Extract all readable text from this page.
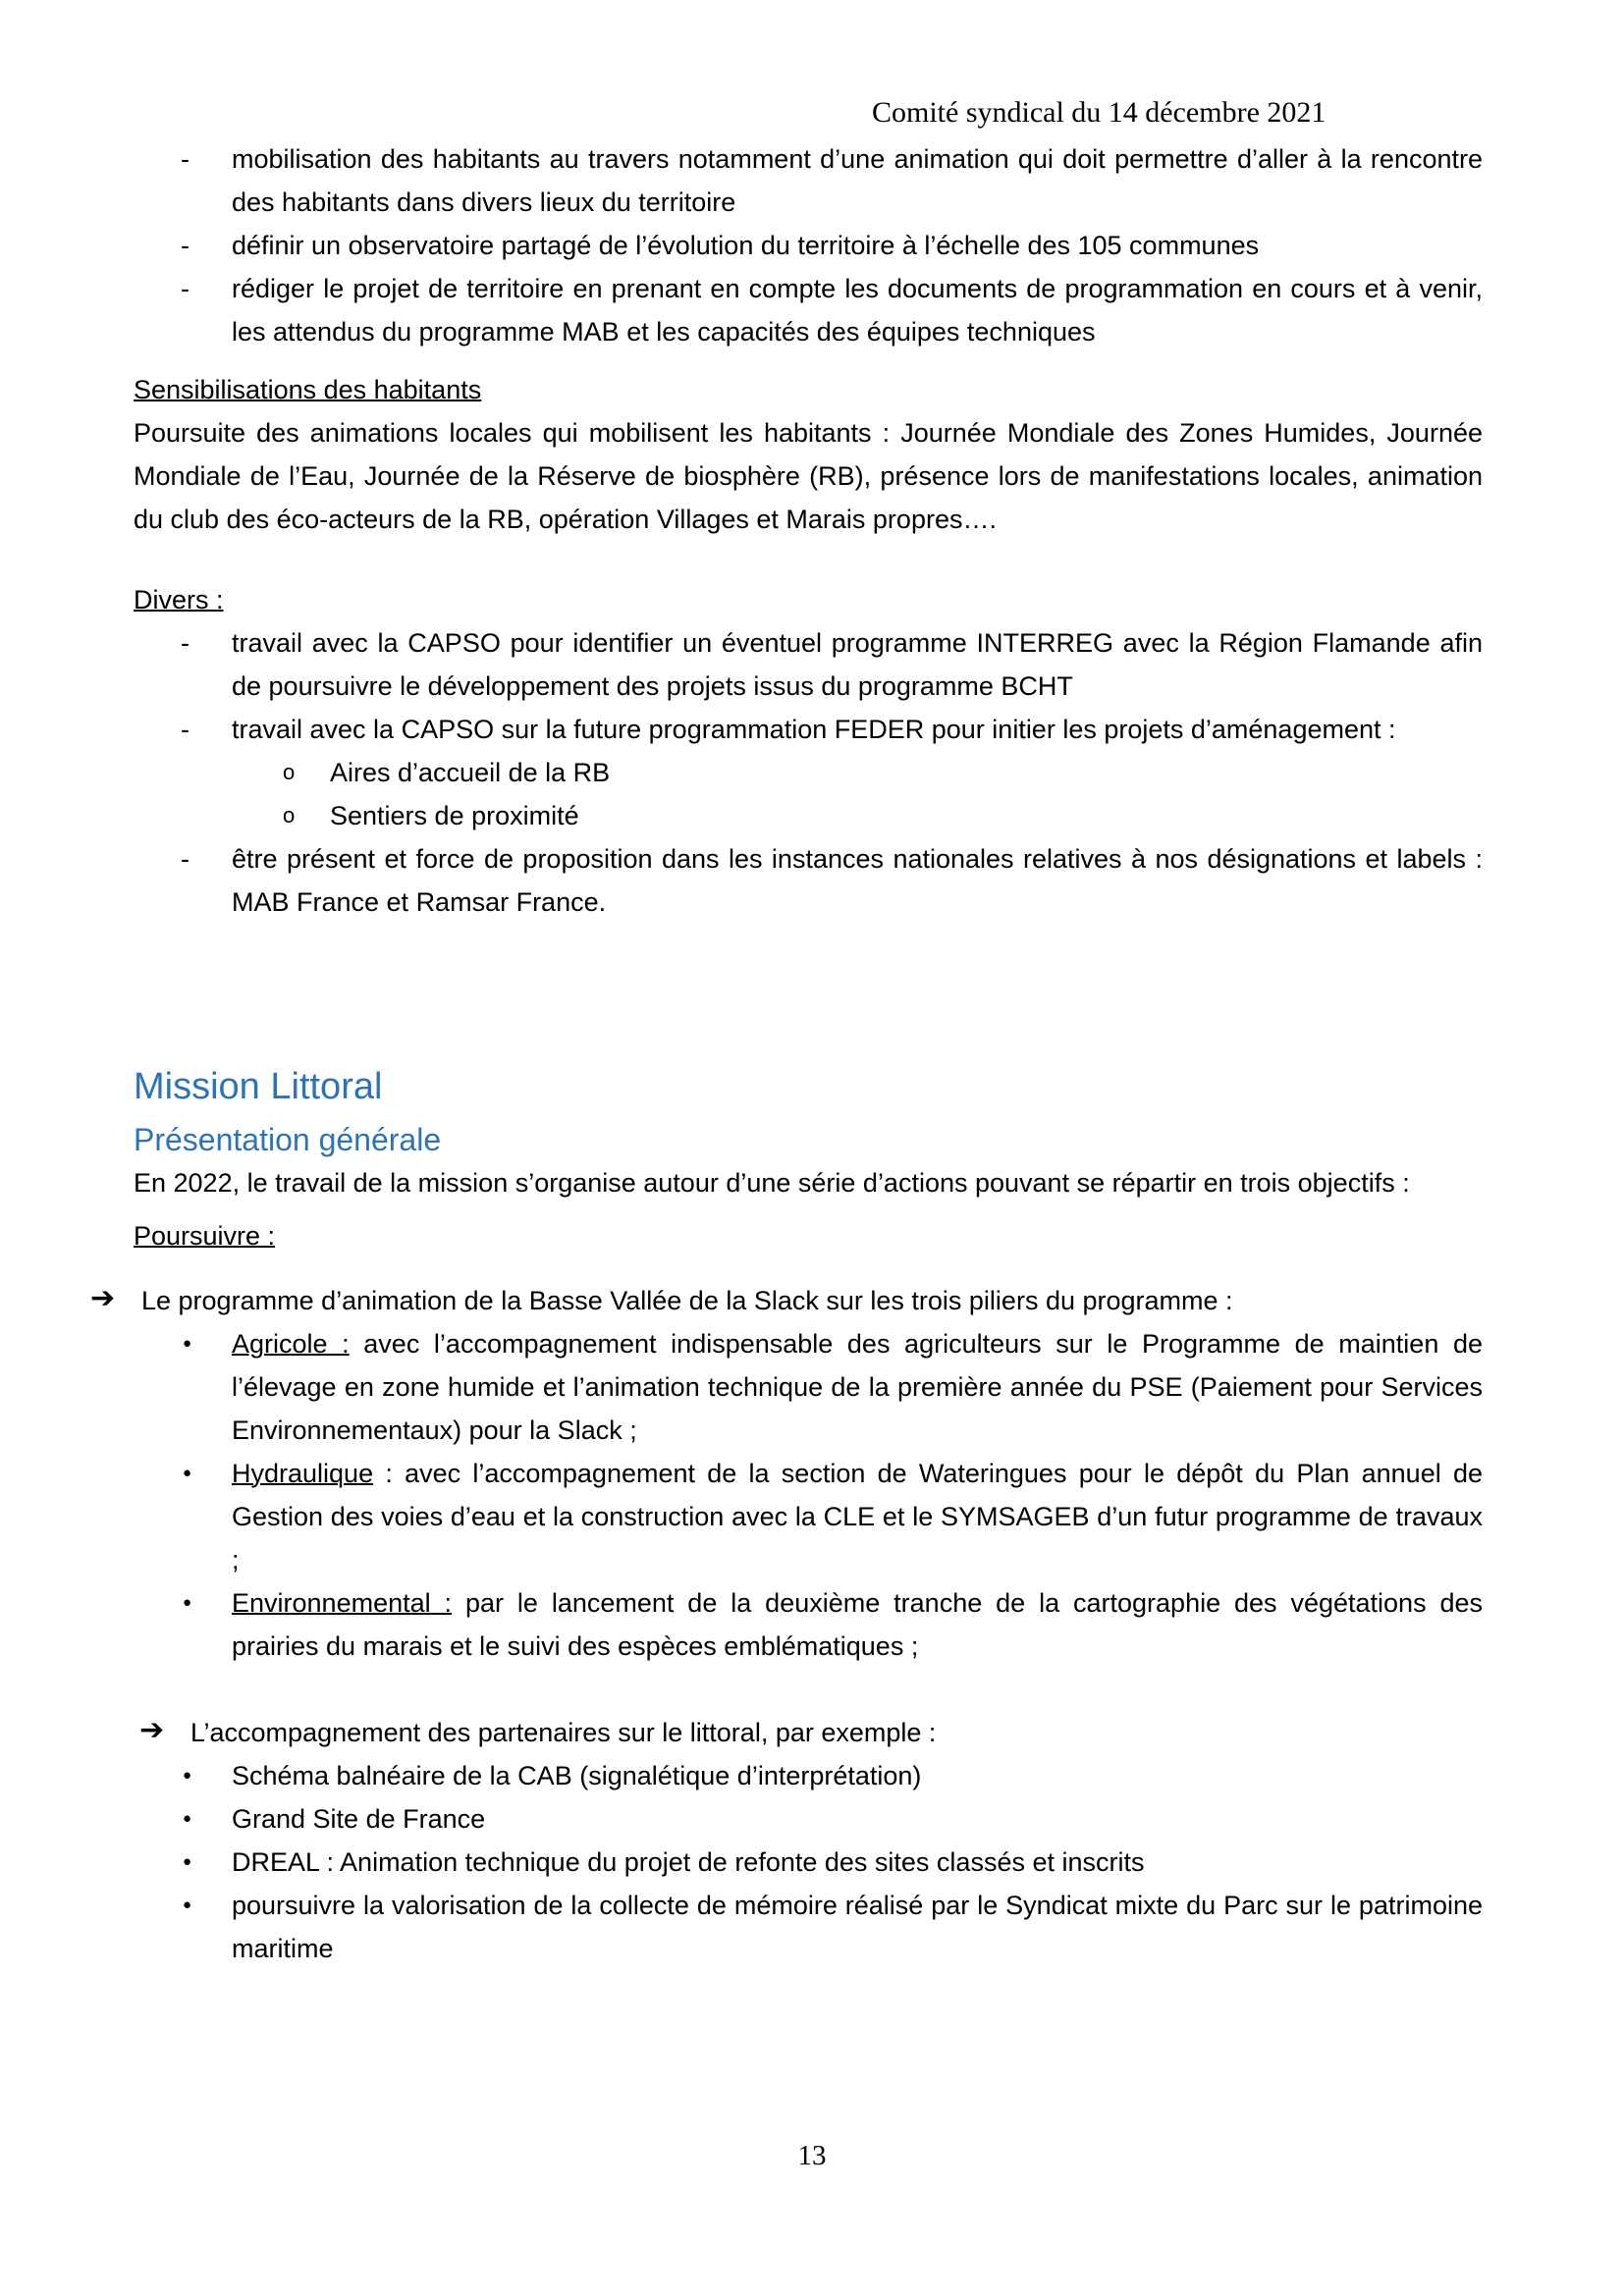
Comité syndical du 14 décembre 2021

- mobilisation des habitants au travers notamment d’une animation qui doit permettre d’aller à la rencontre des habitants dans divers lieux du territoire

- définir un observatoire partagé de l’évolution du territoire à l’échelle des 105 communes

- rédiger le projet de territoire en prenant en compte les documents de programmation en cours et à venir, les attendus du programme MAB et les capacités des équipes techniques

Sensibilisations des habitants

Poursuite des animations locales qui mobilisent les habitants : Journée Mondiale des Zones Humides, Journée Mondiale de l’Eau, Journée de la Réserve de biosphère (RB), présence lors de manifestations locales, animation du club des éco-acteurs de la RB, opération Villages et Marais propres….

Divers :

- travail avec la CAPSO pour identifier un éventuel programme INTERREG avec la Région Flamande afin de poursuivre le développement des projets issus du programme BCHT

- travail avec la CAPSO sur la future programmation FEDER pour initier les projets d’aménagement :

o Aires d’accueil de la RB

o Sentiers de proximité

- être présent et force de proposition dans les instances nationales relatives à nos désignations et labels : MAB France et Ramsar France.

Mission Littoral

Présentation générale

En 2022, le travail de la mission s’organise autour d’une série d’actions pouvant se répartir en trois objectifs :

Poursuivre :

➔ Le programme d’animation de la Basse Vallée de la Slack sur les trois piliers du programme :

● Agricole : avec l’accompagnement indispensable des agriculteurs sur le Programme de maintien de l’élevage en zone humide et l’animation technique de la première année du PSE (Paiement pour Services Environnementaux) pour la Slack ;

● Hydraulique : avec l’accompagnement de la section de Wateringues pour le dépôt du Plan annuel de Gestion des voies d’eau et la construction avec la CLE et le SYMSAGEB d’un futur programme de travaux ;

● Environnemental : par le lancement de la deuxième tranche de la cartographie des végétations des prairies du marais et le suivi des espèces emblématiques ;

➔ L’accompagnement des partenaires sur le littoral, par exemple :

● Schéma balnéaire de la CAB (signalétique d’interprétation)

● Grand Site de France

● DREAL : Animation technique du projet de refonte des sites classés et inscrits

● poursuivre la valorisation de la collecte de mémoire réalisé par le Syndicat mixte du Parc sur le patrimoine maritime

13
